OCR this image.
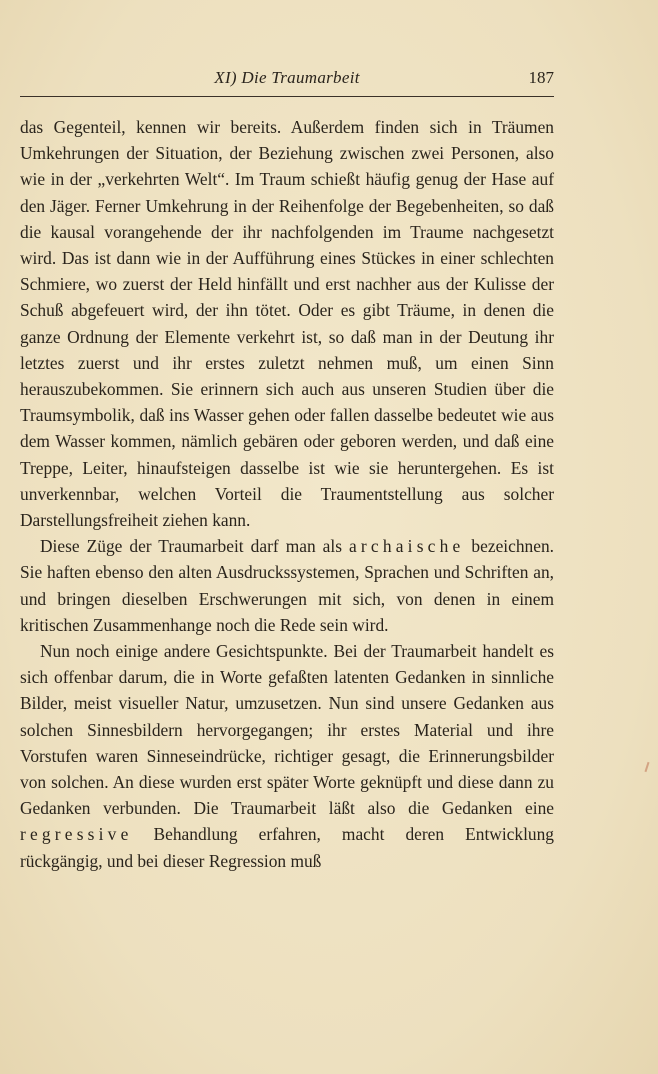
XI) Die Traumarbeit	187

das Gegenteil, kennen wir bereits. Außerdem finden sich in Träumen Umkehrungen der Situation, der Beziehung zwischen zwei Personen, also wie in der „verkehrten Welt“. Im Traum schießt häufig genug der Hase auf den Jäger. Ferner Umkehrung in der Reihenfolge der Begebenheiten, so daß die kausal vorangehende der ihr nachfolgenden im Traume nachgesetzt wird. Das ist dann wie in der Aufführung eines Stückes in einer schlechten Schmiere, wo zuerst der Held hinfällt und erst nachher aus der Kulisse der Schuß abgefeuert wird, der ihn tötet. Oder es gibt Träume, in denen die ganze Ordnung der Elemente verkehrt ist, so daß man in der Deutung ihr letztes zuerst und ihr erstes zuletzt nehmen muß, um einen Sinn herauszubekommen. Sie erinnern sich auch aus unseren Studien über die Traumsymbolik, daß ins Wasser gehen oder fallen dasselbe bedeutet wie aus dem Wasser kommen, nämlich gebären oder geboren werden, und daß eine Treppe, Leiter, hinaufsteigen dasselbe ist wie sie heruntergehen. Es ist unverkennbar, welchen Vorteil die Traumentstellung aus solcher Darstellungsfreiheit ziehen kann.

Diese Züge der Traumarbeit darf man als archaische bezeichnen. Sie haften ebenso den alten Ausdruckssystemen, Sprachen und Schriften an, und bringen dieselben Erschwerungen mit sich, von denen in einem kritischen Zusammenhange noch die Rede sein wird.

Nun noch einige andere Gesichtspunkte. Bei der Traumarbeit handelt es sich offenbar darum, die in Worte gefaßten latenten Gedanken in sinnliche Bilder, meist visueller Natur, umzusetzen. Nun sind unsere Gedanken aus solchen Sinnesbildern hervorgegangen; ihr erstes Material und ihre Vorstufen waren Sinneseindrücke, richtiger gesagt, die Erinnerungsbilder von solchen. An diese wurden erst später Worte geknüpft und diese dann zu Gedanken verbunden. Die Traumarbeit läßt also die Gedanken eine regressive Behandlung erfahren, macht deren Entwicklung rückgängig, und bei dieser Regression muß
